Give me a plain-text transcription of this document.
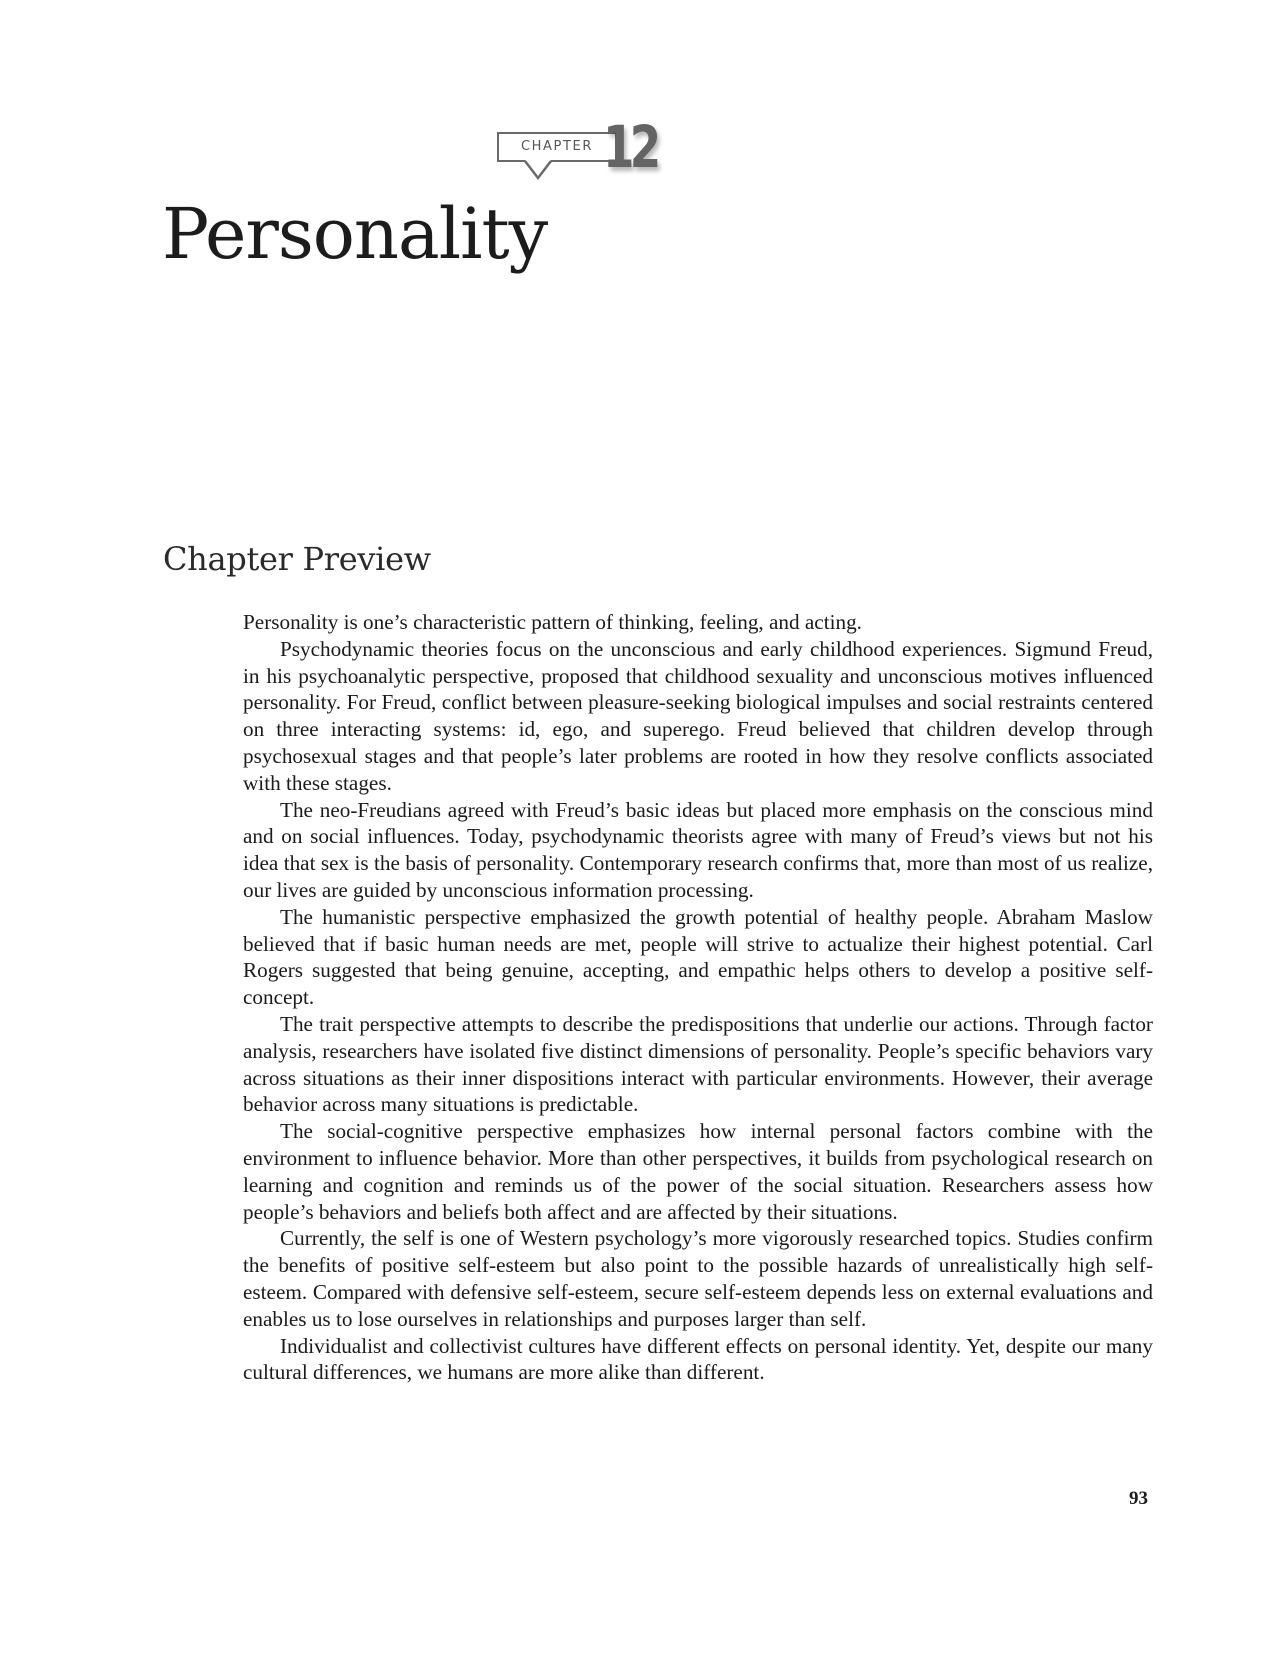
CHAPTER 12
Personality
Chapter Preview

Personality is one’s characteristic pattern of thinking, feeling, and acting.

Psychodynamic theories focus on the unconscious and early childhood experiences. Sigmund Freud, in his psychoanalytic perspective, proposed that childhood sexuality and unconscious motives influenced personality. For Freud, conflict between pleasure-seeking biological impulses and social restraints centered on three interacting systems: id, ego, and superego. Freud believed that children develop through psychosexual stages and that people’s later problems are rooted in how they resolve conflicts associated with these stages.

The neo-Freudians agreed with Freud’s basic ideas but placed more emphasis on the conscious mind and on social influences. Today, psychodynamic theorists agree with many of Freud’s views but not his idea that sex is the basis of personality. Contemporary research confirms that, more than most of us realize, our lives are guided by unconscious information processing.

The humanistic perspective emphasized the growth potential of healthy people. Abraham Maslow believed that if basic human needs are met, people will strive to actualize their highest potential. Carl Rogers suggested that being genuine, accepting, and empathic helps others to develop a positive self-concept.

The trait perspective attempts to describe the predispositions that underlie our actions. Through factor analysis, researchers have isolated five distinct dimensions of personality. People’s specific behaviors vary across situations as their inner dispositions interact with particular environments. However, their average behavior across many situations is predictable.

The social-cognitive perspective emphasizes how internal personal factors combine with the environment to influence behavior. More than other perspectives, it builds from psychological research on learning and cognition and reminds us of the power of the social situation. Researchers assess how people’s behaviors and beliefs both affect and are affected by their situations.

Currently, the self is one of Western psychology’s more vigorously researched topics. Studies confirm the benefits of positive self-esteem but also point to the possible hazards of unrealistically high self-esteem. Compared with defensive self-esteem, secure self-esteem depends less on external evaluations and enables us to lose ourselves in relationships and purposes larger than self.

Individualist and collectivist cultures have different effects on personal identity. Yet, despite our many cultural differences, we humans are more alike than different.

93
